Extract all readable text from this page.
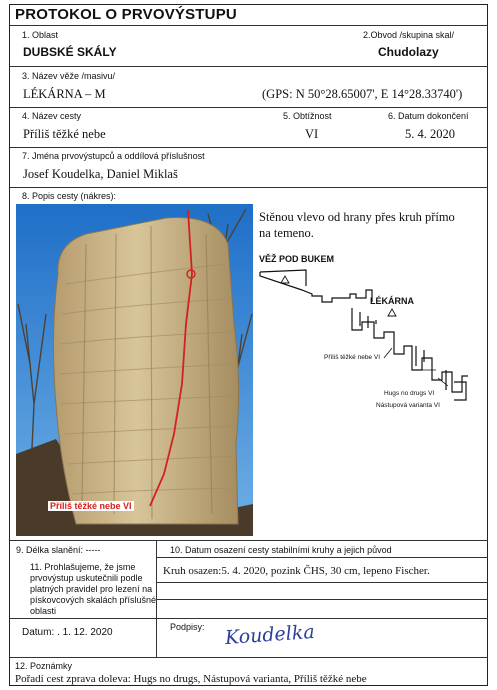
PROTOKOL O PRVOVÝSTUPU
1. Oblast
DUBSKÉ SKÁLY
2.Obvod /skupina skal/
Chudolazy
3. Název věže /masivu/
LÉKÁRNA – M	(GPS: N 50°28.65007', E 14°28.33740')
4. Název cesty
Příliš těžké nebe
5. Obtížnost
VI
6. Datum dokončení
5. 4. 2020
7. Jména prvovýstupců a oddílová příslušnost
Josef Koudelka, Daniel Miklaš
8. Popis cesty (nákres):
Příliš těžké nebe VI
Stěnou vlevo od hrany přes kruh přímo
na temeno.
VĚŽ POD BUKEM
LÉKÁRNA
Příliš těžké nebe VI
Hugs no drugs VI
Nástupová varianta VI
9. Délka slanění: -----	10. Datum osazení cesty stabilními kruhy a jejich původ
Kruh osazen:5. 4. 2020, pozink ČHS, 30 cm, lepeno Fischer.
11. Prohlašujeme, že jsme
prvovýstup uskutečnili podle
platných pravidel pro lezení na
pískovcových skalách příslušné
oblasti
Datum: . 1. 12. 2020	Podpisy: Koudelka
12. Poznámky
Pořadí cest zprava doleva: Hugs no drugs, Nástupová varianta, Příliš těžké nebe
